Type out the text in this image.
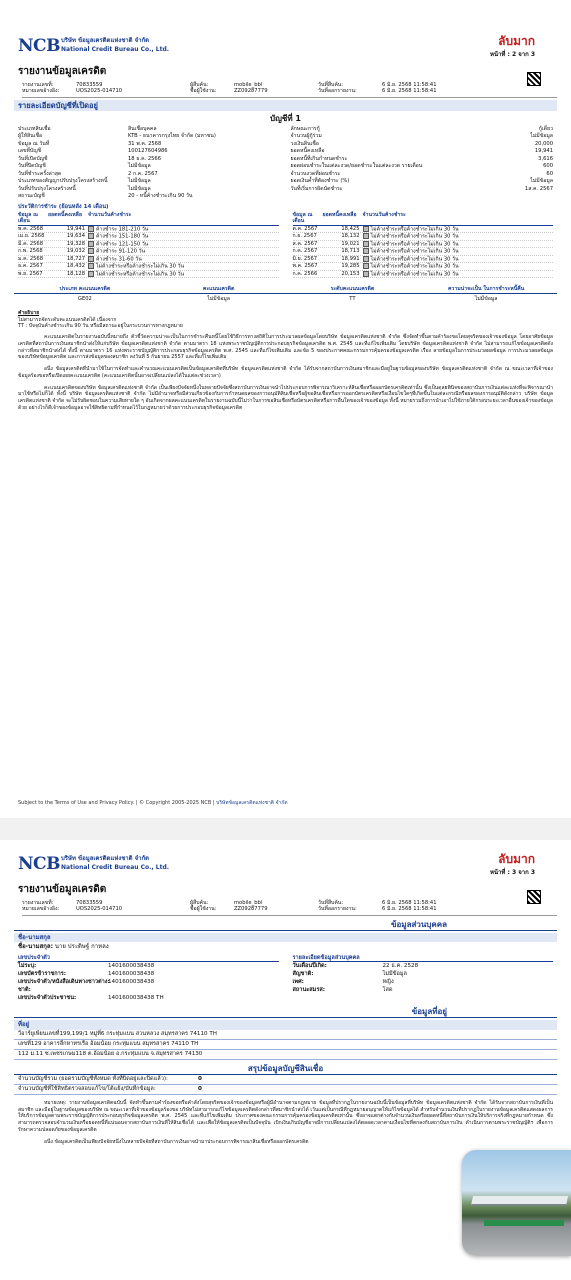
NCB บริษัท ข้อมูลเครดิตแห่งชาติ จำกัด
National Credit Bureau Co., Ltd.
ลับมาก
หน้าที่ : 2 จาก 3
รายงานข้อมูลเครดิต
รายงานเลขที่:	70833559	ผู้สืบค้น:	mobile_bbl	วันที่สืบค้น:	6 มิ.ย. 2568 11:58:41
หมายเลขอ้างอิง:	UOS2025-014710	ชื่อผู้ใช้งาน:	ZZ09287779	วันที่ออกรายงาน:	6 มิ.ย. 2568 11:58:41
รายละเอียดบัญชีที่เปิดอยู่
บัญชีที่ 1
ประเภทสินเชื่อ	สินเชื่อบุคคล
ผู้ให้สินเชื่อ	KTB - ธนาคารกรุงไทย จำกัด (มหาชน)
ข้อมูล ณ วันที่	31 พ.ค. 2568
เลขที่บัญชี	100127604986
วันที่เปิดบัญชี	18 ธ.ค. 2566
วันที่ปิดบัญชี	ไม่มีข้อมูล
วันที่ชำระครั้งล่าสุด	2 ก.ค. 2567
ประเภทของสัญญาปรับปรุงโครงสร้างหนี้	ไม่มีข้อมูล
วันที่ปรับปรุงโครงสร้างหนี้	ไม่มีข้อมูล
สถานะบัญชี	20 - หนี้ค้างชำระเกิน 90 วัน
ลักษณะการกู้	กู้เดี่ยว
จำนวนผู้กู้ร่วม	ไม่มีข้อมูล
วงเงินสินเชื่อ	20,000
ยอดหนี้คงเหลือ	19,941
ยอดหนี้ที่เกินกำหนดชำระ	3,616
ยอดผ่อนชำระในแต่ละงวด/ยอดชำระในแต่ละงวด รายเดือน	600
จำนวนงวดที่ผ่อนชำระ	60
ยอดเงินค้ำที่ต้องชำระ (%)	ไม่มีข้อมูล
วันที่เริ่มการผิดนัดชำระ	1ส.ค. 2567
ประวัติการชำระ (ย้อนหลัง 14 เดือน)
ข้อมูล ณ เดือน
ยอดหนี้คงเหลือ	จำนวนวันค้างชำระ
พ.ค. 2568	19,941	ค้างชำระ 181-210 วัน
เม.ย. 2568	19,634	ค้างชำระ 151-180 วัน
มี.ค. 2568	19,328	ค้างชำระ 121-150 วัน
ก.พ. 2568	19,032	ค้างชำระ 91-120 วัน
ม.ค. 2568	18,727	ค้างชำระ 31-60 วัน
ธ.ค. 2567	18,432	ไม่ค้างชำระหรือค้างชำระไม่เกิน 30 วัน
พ.ย. 2567	18,128	ไม่ค้างชำระหรือค้างชำระไม่เกิน 30 วัน
ข้อมูล ณ เดือน
ยอดหนี้คงเหลือ	จำนวนวันค้างชำระ
ต.ค. 2567	18,425	ไม่ค้างชำระหรือค้างชำระไม่เกิน 30 วัน
ก.ย. 2567	18,132	ไม่ค้างชำระหรือค้างชำระไม่เกิน 30 วัน
ส.ค. 2567	19,021	ไม่ค้างชำระหรือค้างชำระไม่เกิน 30 วัน
ก.ค. 2567	18,713	ไม่ค้างชำระหรือค้างชำระไม่เกิน 30 วัน
มิ.ย. 2567	18,991	ไม่ค้างชำระหรือค้างชำระไม่เกิน 30 วัน
พ.ค. 2567	19,285	ไม่ค้างชำระหรือค้างชำระไม่เกิน 30 วัน
ก.ค. 2566	20,153	ไม่ค้างชำระหรือค้างชำระไม่เกิน 30 วัน
ประเภท คะแนนเครดิต	คะแนนเครดิต	ระดับคะแนนเครดิต	ความน่าจะเป็น ในการชำระหนี้คืน
GE02	ไม่มีข้อมูล	TT	ไม่มีข้อมูล
คำอธิบาย
ไม่สามารถจัดระดับคะแนนเครดิตได้ เนื่องจาก
TT : ปัจจุบันค้างชำระเกิน 90 วัน หรือมีสถานะอยู่ในกระบวนการทางกฎหมาย
คะแนนเครดิตในรายงานฉบับนี้หมายถึง ตัวชี้วัดความน่าจะเป็นในการชำระคืนหนี้โดยใช้วิธีการทางสถิติในการประมวลผลข้อมูลโดยบริษัท ข้อมูลเครดิตแห่งชาติ จำกัด ซึ่งจัดทำขึ้นตามคำร้องขอโดยสุจริตของเจ้าของข้อมูล โดยอาศัยข้อมูลเครดิตที่สถาบันการเงินสมาชิกนำส่งให้แก่บริษัท ข้อมูลเครดิตแห่งชาติ จำกัด ตามมาตรา 18 แห่งพระราชบัญญัติการประกอบธุรกิจข้อมูลเครดิต พ.ศ. 2545 และที่แก้ไขเพิ่มเติม โดยบริษัท ข้อมูลเครดิตแห่งชาติ จำกัด ไม่สามารถแก้ไขข้อมูลเครดิตดังกล่าวที่สมาชิกนำส่งได้ ทั้งนี้ ตามมาตรา 16 แห่งพระราชบัญญัติการประกอบธุรกิจข้อมูลเครดิต พ.ศ. 2545 และที่แก้ไขเพิ่มเติม และข้อ 5 ของประกาศคณะกรรมการคุ้มครองข้อมูลเครดิต เรื่อง ลายข้อมูลในการประมวลผลข้อมูล การประมวลผลข้อมูลของบริษัทข้อมูลเครดิต และการส่งข้อมูลของสมาชิก ลงวันที่ 5 กันยายน 2557 และที่แก้ไขเพิ่มเติม
อนึ่ง ข้อมูลเครดิตที่นำมาใช้ในการจัดทำและคำนวณคะแนนเครดิตเป็นข้อมูลเครดิตที่บริษัท ข้อมูลเครดิตแห่งชาติ จำกัด ได้รับจากสถาบันการเงินสมาชิกและมีอยู่ในฐานข้อมูลของบริษัท ข้อมูลเครดิตแห่งชาติ จำกัด ณ ขณะเวลาที่เจ้าของข้อมูลร้องขอหรือเปิดเผยคะแนนเครดิต (คะแนนเครดิตนั้นอาจเปลี่ยนแปลงได้ในแต่ละช่วงเวลา)
คะแนนเครดิตของบริษัท ข้อมูลเครดิตแห่งชาติ จำกัด เป็นเพียงปัจจัยหนึ่งในหลายปัจจัยซึ่งสถาบันการเงินอาจนำไปประกอบการพิจารณาวิเคราะห์สินเชื่อหรือออกบัตรเครดิตเท่านั้น ซึ่งเป็นดุลยพินิจของสถาบันการเงินแต่ละแห่งที่จะพิจารณานำมาใช้หรือไม่ก็ได้ ทั้งนี้ บริษัท ข้อมูลเครดิตแห่งชาติ จำกัด ไม่มีอำนาจหรือมีส่วนเกี่ยวข้องกับการกำหนดผลของการอนุมัติสินเชื่อหรือผู้ขอสินเชื่อหรือการออกบัตรเครดิตหรือเงื่อนไขใดๆที่เกิดขึ้นในแต่ละกรณีหรือผลของการอนุมัติดังกล่าว บริษัท ข้อมูลเครดิตแห่งชาติ จำกัด จะไม่รับผิดชอบในความเสียหายใด ๆ อันเกิดจากผลคะแนนเครดิตในรายงานฉบับนี้ไม่ว่าในการขอสินเชื่อหรือบัตรเครดิตหรือการอื่นใดของเจ้าของข้อมูล ทั้งนี้ หมายรวมถึงการนำเอาไปใช้ภายใต้กรอบระยะเวลาอื่นของเจ้าของข้อมูลด้วย อย่างไรก็ดีเจ้าของข้อมูลอาจใช้สิทธิตามที่กำหนดไว้ในกฎหมายว่าด้วยการประกอบธุรกิจข้อมูลเครดิต
Subject to the Terms of Use and Privacy Policy. | © Copyright 2005-2025 NCB | บริษัทข้อมูลเครดิตแห่งชาติ จำกัด
NCB บริษัท ข้อมูลเครดิตแห่งชาติ จำกัด
National Credit Bureau Co., Ltd.
ลับมาก
หน้าที่ : 3 จาก 3
รายงานข้อมูลเครดิต
รายงานเลขที่:	70833559	ผู้สืบค้น:	mobile_bbl	วันที่สืบค้น:	6 มิ.ย. 2568 11:58:41
หมายเลขอ้างอิง:	UOS2025-014710	ชื่อผู้ใช้งาน:	ZZ09287779	วันที่ออกรายงาน:	6 มิ.ย. 2568 11:58:41
ข้อมูลส่วนบุคคล
ชื่อ-นามสกุล
ชื่อ-นามสกุล: นาย ประดิษฐ์ กาหลง
เลขประจำตัว
ไม่ระบุ:	1401600038438
เลขบัตรข้าราชการ:	1401600038438
เลขประจำตัว/หนังสือเดินทางชาวต่าง:
1401600038438
ชาติ:
เลขประจำตัวประชาชน:	1401600038438 TH
รายละเอียดข้อมูลส่วนบุคคล
วันเดือนปีเกิด:	22 ธ.ค. 2528
สัญชาติ:	ไม่มีข้อมูล
เพศ:	หญิง
สถานะสมรส:	โสด
ข้อมูลที่อยู่
ที่อยู่
วีอาร์ยูเพียนเลขที่199,199/1 หมู่ที่6 กระทุ่มแบน สวนหลวง สมุทรสาคร 74110 TH
เลขที่129 อาคารลึกหาทรเรือ อ้อมน้อย กระทุ่มแบน สมุทรสาคร 74110 TH
112 ม.11 ซ.เพชรเกษม118 ต.อ้อมน้อย อ.กระทุ่มแบน จ.สมุทรสาคร 74130
สรุปข้อมูลบัญชีสินเชื่อ
จำนวนบัญชีรวม (ยอดรวมบัญชีทั้งหมด ทั้งที่ปิดอยู่และปิดแล้ว):	0
จำนวนบัญชีที่ใช้สิทธิตรวจสอบแก้ไข/โต้แย้ง/บันทึกข้อมูล:	0
หมายเหตุ: รายงานข้อมูลเครดิตฉบับนี้ จัดทำขึ้นตามคำร้องขอหรือคำสั่งโดยสุจริตของเจ้าของข้อมูลหรือผู้มีอำนาจตามกฎหมาย ข้อมูลที่ปรากฏในรายงานฉบับนี้เป็นข้อมูลที่บริษัท ข้อมูลเครดิตแห่งชาติ จำกัด ได้รับจากสถาบันการเงินที่เป็นสมาชิก และมีอยู่ในฐานข้อมูลของบริษัท ณ ขณะเวลาที่เจ้าของข้อมูลร้องขอ บริษัทไม่สามารถแก้ไขข้อมูลเครดิตดังกล่าวที่สมาชิกนำส่งได้ เว้นแต่เป็นกรณีที่กฎหมายอนุญาตให้แก้ไขข้อมูลได้ สำหรับจำนวนเงินที่ปรากฏในรายงานข้อมูลเครดิตแสดงผลการให้บริการข้อมูลตามพระราชบัญญัติการประกอบธุรกิจข้อมูลเครดิต พ.ศ. 2545 และที่แก้ไขเพิ่มเติม ประกาศของคณะกรรมการคุ้มครองข้อมูลเครดิตเท่านั้น ซึ่งอาจแตกต่างกับจำนวนเงินหรือยอดหนี้ที่สถาบันการเงินให้บริการจริงที่กฎหมายกำหนด ซึ่งสามารถตรวจสอบจำนวนเงินหรือยอดหนี้ที่แน่นอนจากสถาบันการเงินที่ให้สินเชื่อได้ และเพื่อให้ข้อมูลเครดิตเป็นปัจจุบัน เบิกเงินเกินบัญชีอาจมีการเปลี่ยนแปลงได้ตลอดเวลาตามเงื่อนไขที่ตกลงกับสถาบันการเงิน ดำเนินการตามพระราชบัญญัติฯ เพื่อการรักษาความปลอดภัยของข้อมูลเครดิต
อนึ่ง ข้อมูลเครดิตเป็นเพียงปัจจัยหนึ่งในหลายปัจจัยที่สถาบันการเงินอาจนำมาประกอบการพิจารณาสินเชื่อหรือออกบัตรเครดิต
